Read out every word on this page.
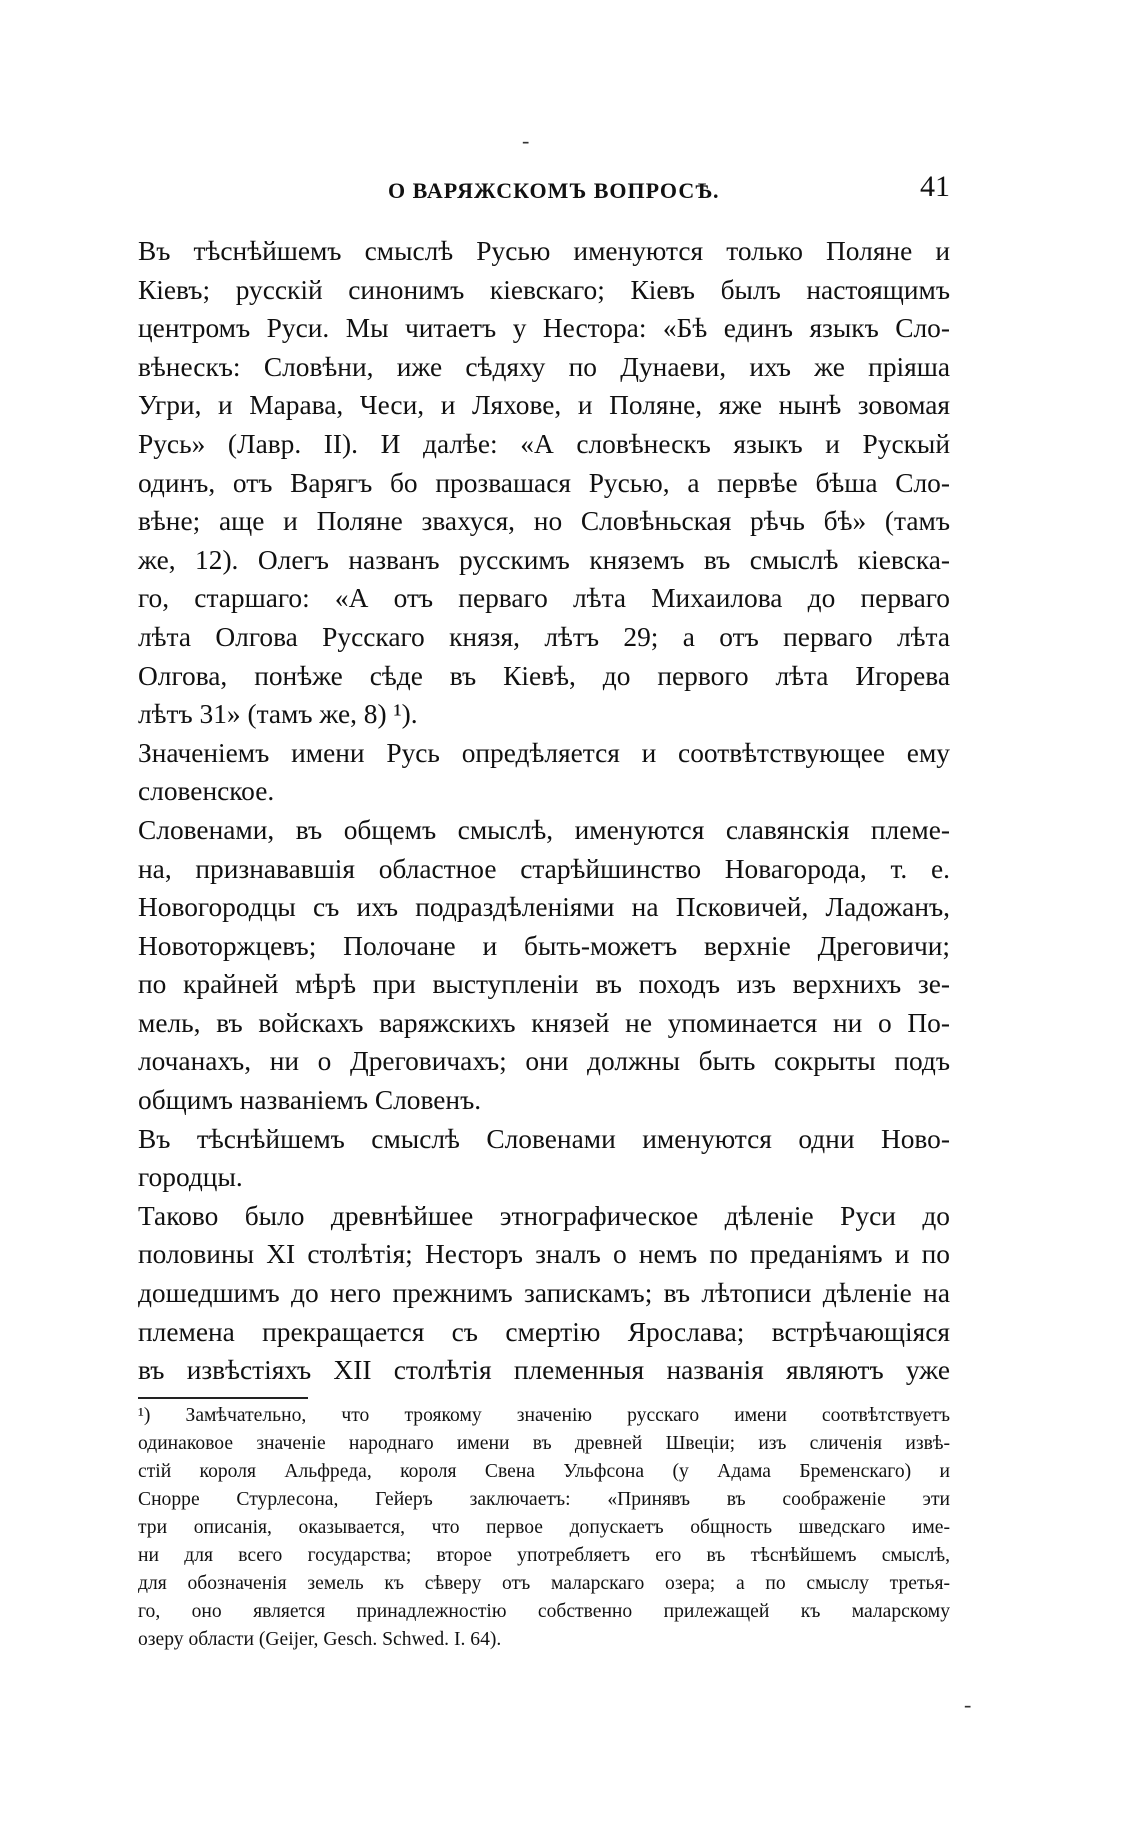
-
О ВАРЯЖСКОМЪ ВОПРОСѢ.	41
Въ тѣснѣйшемъ смыслѣ Русью именуются только Поляне и
Кіевъ; русскій синонимъ кіевскаго; Кіевъ былъ настоящимъ
центромъ Руси. Мы читаетъ у Нестора: «Бѣ единъ языкъ Сло-
вѣнескъ: Словѣни, иже сѣдяху по Дунаеви, ихъ же пріяша
Угри, и Марава, Чеси, и Ляхове, и Поляне, яже нынѣ зовомая
Русь» (Лавр. II). И далѣе: «А словѣнескъ языкъ и Рускый
одинъ, отъ Варягъ бо прозвашася Русью, а первѣе бѣша Сло-
вѣне; аще и Поляне звахуся, но Словѣньская рѣчь бѣ» (тамъ
же, 12). Олегъ названъ русскимъ княземъ въ смыслѣ кіевска-
го, старшаго: «А отъ перваго лѣта Михаилова до перваго
лѣта Олгова Русскаго князя, лѣтъ 29; а отъ перваго лѣта
Олгова, понѣже сѣде въ Кіевѣ, до первого лѣта Игорева
лѣтъ 31» (тамъ же, 8) ¹).
Значеніемъ имени Русь опредѣляется и соотвѣтствующее ему
словенское.
Словенами, въ общемъ смыслѣ, именуются славянскія племе-
на, признававшія областное старѣйшинство Новагорода, т. е.
Новогородцы съ ихъ подраздѣленіями на Псковичей, Ладожанъ,
Новоторжцевъ; Полочане и быть-можетъ верхніе Дреговичи;
по крайней мѣрѣ при выступленіи въ походъ изъ верхнихъ зе-
мель, въ войскахъ варяжскихъ князей не упоминается ни о По-
лочанахъ, ни о Дреговичахъ; они должны быть сокрыты подъ
общимъ названіемъ Словенъ.
Въ тѣснѣйшемъ смыслѣ Словенами именуются одни Ново-
городцы.
Таково было древнѣйшее этнографическое дѣленіе Руси до
половины XI столѣтія; Несторъ зналъ о немъ по преданіямъ и по
дошедшимъ до него прежнимъ запискамъ; въ лѣтописи дѣленіе на
племена прекращается съ смертію Ярослава; встрѣчающіяся
въ извѣстіяхъ XII столѣтія племенныя названія являютъ уже
¹) Замѣчательно, что троякому значенію русскаго имени соотвѣтствуетъ
одинаковое значеніе народнаго имени въ древней Швеціи; изъ сличенія извѣ-
стій короля Альфреда, короля Свена Ульфсона (у Адама Бременскаго) и
Снорре Стурлесона, Гейеръ заключаетъ: «Принявъ въ соображеніе эти
три описанія, оказывается, что первое допускаетъ общность шведскаго име-
ни для всего государства; второе употребляетъ его въ тѣснѣйшемъ смыслѣ,
для обозначенія земель къ сѣверу отъ маларскаго озера; а по смыслу третья-
го, оно является принадлежностію собственно прилежащей къ маларскому
озеру области (Geijer, Gesch. Schwed. I. 64).
-
